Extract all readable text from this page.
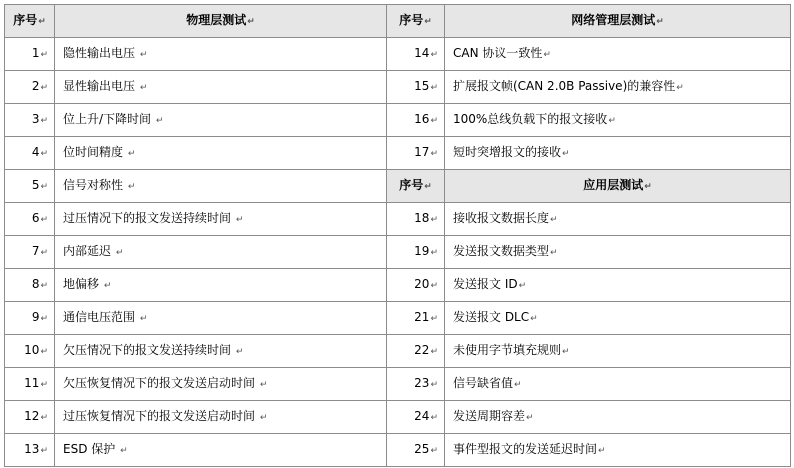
序号↵	物理层测试↵	序号↵	网络管理层测试↵
1↵	隐性输出电压 ↵	14↵	CAN 协议一致性↵
2↵	显性输出电压 ↵	15↵	扩展报文帧(CAN 2.0B Passive)的兼容性↵
3↵	位上升/下降时间 ↵	16↵	100%总线负载下的报文接收↵
4↵	位时间精度 ↵	17↵	短时突增报文的接收↵
5↵	信号对称性 ↵	序号↵	应用层测试↵
6↵	过压情况下的报文发送持续时间 ↵	18↵	接收报文数据长度↵
7↵	内部延迟 ↵	19↵	发送报文数据类型↵
8↵	地偏移 ↵	20↵	发送报文 ID↵
9↵	通信电压范围 ↵	21↵	发送报文 DLC↵
10↵	欠压情况下的报文发送持续时间 ↵	22↵	未使用字节填充规则↵
11↵	欠压恢复情况下的报文发送启动时间 ↵	23↵	信号缺省值↵
12↵	过压恢复情况下的报文发送启动时间 ↵	24↵	发送周期容差↵
13↵	ESD 保护 ↵	25↵	事件型报文的发送延迟时间↵
